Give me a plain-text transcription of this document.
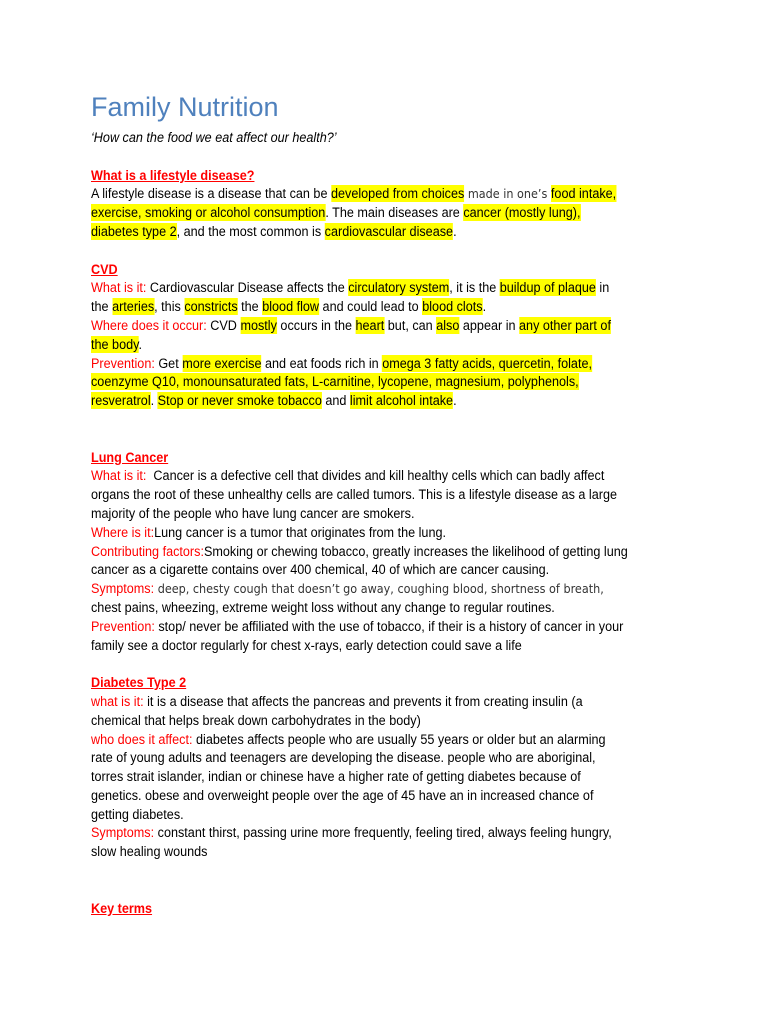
Family Nutrition
‘How can the food we eat affect our health?’
What is a lifestyle disease?
A lifestyle disease is a disease that can be developed from choices made in one’s food intake,
exercise, smoking or alcohol consumption. The main diseases are cancer (mostly lung),
diabetes type 2, and the most common is cardiovascular disease.
CVD
What is it: Cardiovascular Disease affects the circulatory system, it is the buildup of plaque in
the arteries, this constricts the blood flow and could lead to blood clots.
Where does it occur: CVD mostly occurs in the heart but, can also appear in any other part of
the body.
Prevention: Get more exercise and eat foods rich in omega 3 fatty acids, quercetin, folate,
coenzyme Q10, monounsaturated fats, L-carnitine, lycopene, magnesium, polyphenols,
resveratrol. Stop or never smoke tobacco and limit alcohol intake.
Lung Cancer
What is it:  Cancer is a defective cell that divides and kill healthy cells which can badly affect
organs the root of these unhealthy cells are called tumors. This is a lifestyle disease as a large
majority of the people who have lung cancer are smokers.
Where is it:Lung cancer is a tumor that originates from the lung.
Contributing factors:Smoking or chewing tobacco, greatly increases the likelihood of getting lung
cancer as a cigarette contains over 400 chemical, 40 of which are cancer causing.
Symptoms: deep, chesty cough that doesn’t go away, coughing blood, shortness of breath,
chest pains, wheezing, extreme weight loss without any change to regular routines.
Prevention: stop/ never be affiliated with the use of tobacco, if their is a history of cancer in your
family see a doctor regularly for chest x-rays, early detection could save a life
Diabetes Type 2
what is it: it is a disease that affects the pancreas and prevents it from creating insulin (a
chemical that helps break down carbohydrates in the body)
who does it affect: diabetes affects people who are usually 55 years or older but an alarming
rate of young adults and teenagers are developing the disease. people who are aboriginal,
torres strait islander, indian or chinese have a higher rate of getting diabetes because of
genetics. obese and overweight people over the age of 45 have an in increased chance of
getting diabetes.
Symptoms: constant thirst, passing urine more frequently, feeling tired, always feeling hungry,
slow healing wounds
Key terms
